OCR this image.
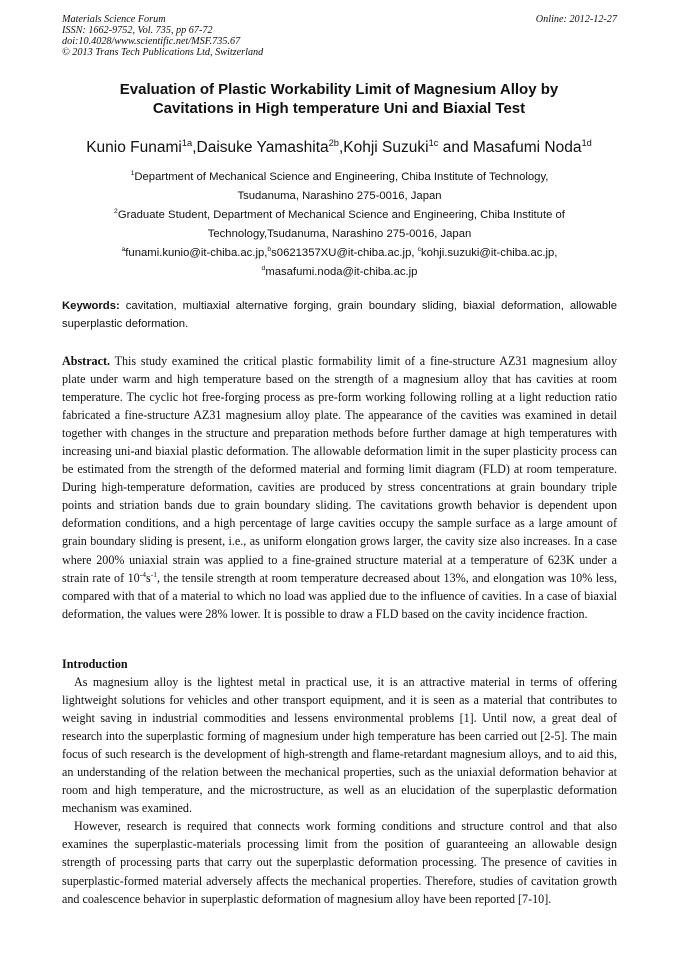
Materials Science Forum
ISSN: 1662-9752, Vol. 735, pp 67-72
doi:10.4028/www.scientific.net/MSF.735.67
© 2013 Trans Tech Publications Ltd, Switzerland
Online: 2012-12-27
Evaluation of Plastic Workability Limit of Magnesium Alloy by
Cavitations in High temperature Uni and Biaxial Test
Kunio Funami$^{1a}$,Daisuke Yamashita$^{2b}$,Kohji Suzuki$^{1c}$ and Masafumi Noda$^{1d}$
$^1$Department of Mechanical Science and Engineering, Chiba Institute of Technology,
Tsudanuma, Narashino 275-0016, Japan
$^2$Graduate Student, Department of Mechanical Science and Engineering, Chiba Institute of
Technology,Tsudanuma, Narashino 275-0016, Japan
$^a$funami.kunio@it-chiba.ac.jp,$^b$s0621357XU@it-chiba.ac.jp, $^c$kohji.suzuki@it-chiba.ac.jp,
$^d$masafumi.noda@it-chiba.ac.jp
Keywords: cavitation, multiaxial alternative forging, grain boundary sliding, biaxial deformation, allowable superplastic deformation.
Abstract. This study examined the critical plastic formability limit of a fine-structure AZ31 magnesium alloy plate under warm and high temperature based on the strength of a magnesium alloy that has cavities at room temperature. The cyclic hot free-forging process as pre-form working following rolling at a light reduction ratio fabricated a fine-structure AZ31 magnesium alloy plate. The appearance of the cavities was examined in detail together with changes in the structure and preparation methods before further damage at high temperatures with increasing uni-and biaxial plastic deformation. The allowable deformation limit in the super plasticity process can be estimated from the strength of the deformed material and forming limit diagram (FLD) at room temperature. During high-temperature deformation, cavities are produced by stress concentrations at grain boundary triple points and striation bands due to grain boundary sliding. The cavitations growth behavior is dependent upon deformation conditions, and a high percentage of large cavities occupy the sample surface as a large amount of grain boundary sliding is present, i.e., as uniform elongation grows larger, the cavity size also increases. In a case where 200% uniaxial strain was applied to a fine-grained structure material at a temperature of 623K under a strain rate of $10^{-4}s^{-1}$, the tensile strength at room temperature decreased about 13%, and elongation was 10% less, compared with that of a material to which no load was applied due to the influence of cavities. In a case of biaxial deformation, the values were 28% lower. It is possible to draw a FLD based on the cavity incidence fraction.
Introduction

As magnesium alloy is the lightest metal in practical use, it is an attractive material in terms of offering lightweight solutions for vehicles and other transport equipment, and it is seen as a material that contributes to weight saving in industrial commodities and lessens environmental problems [1]. Until now, a great deal of research into the superplastic forming of magnesium under high temperature has been carried out [2-5]. The main focus of such research is the development of high-strength and flame-retardant magnesium alloys, and to aid this, an understanding of the relation between the mechanical properties, such as the uniaxial deformation behavior at room and high temperature, and the microstructure, as well as an elucidation of the superplastic deformation mechanism was examined.

However, research is required that connects work forming conditions and structure control and that also examines the superplastic-materials processing limit from the position of guaranteeing an allowable design strength of processing parts that carry out the superplastic deformation processing. The presence of cavities in superplastic-formed material adversely affects the mechanical properties. Therefore, studies of cavitation growth and coalescence behavior in superplastic deformation of magnesium alloy have been reported [7-10].
